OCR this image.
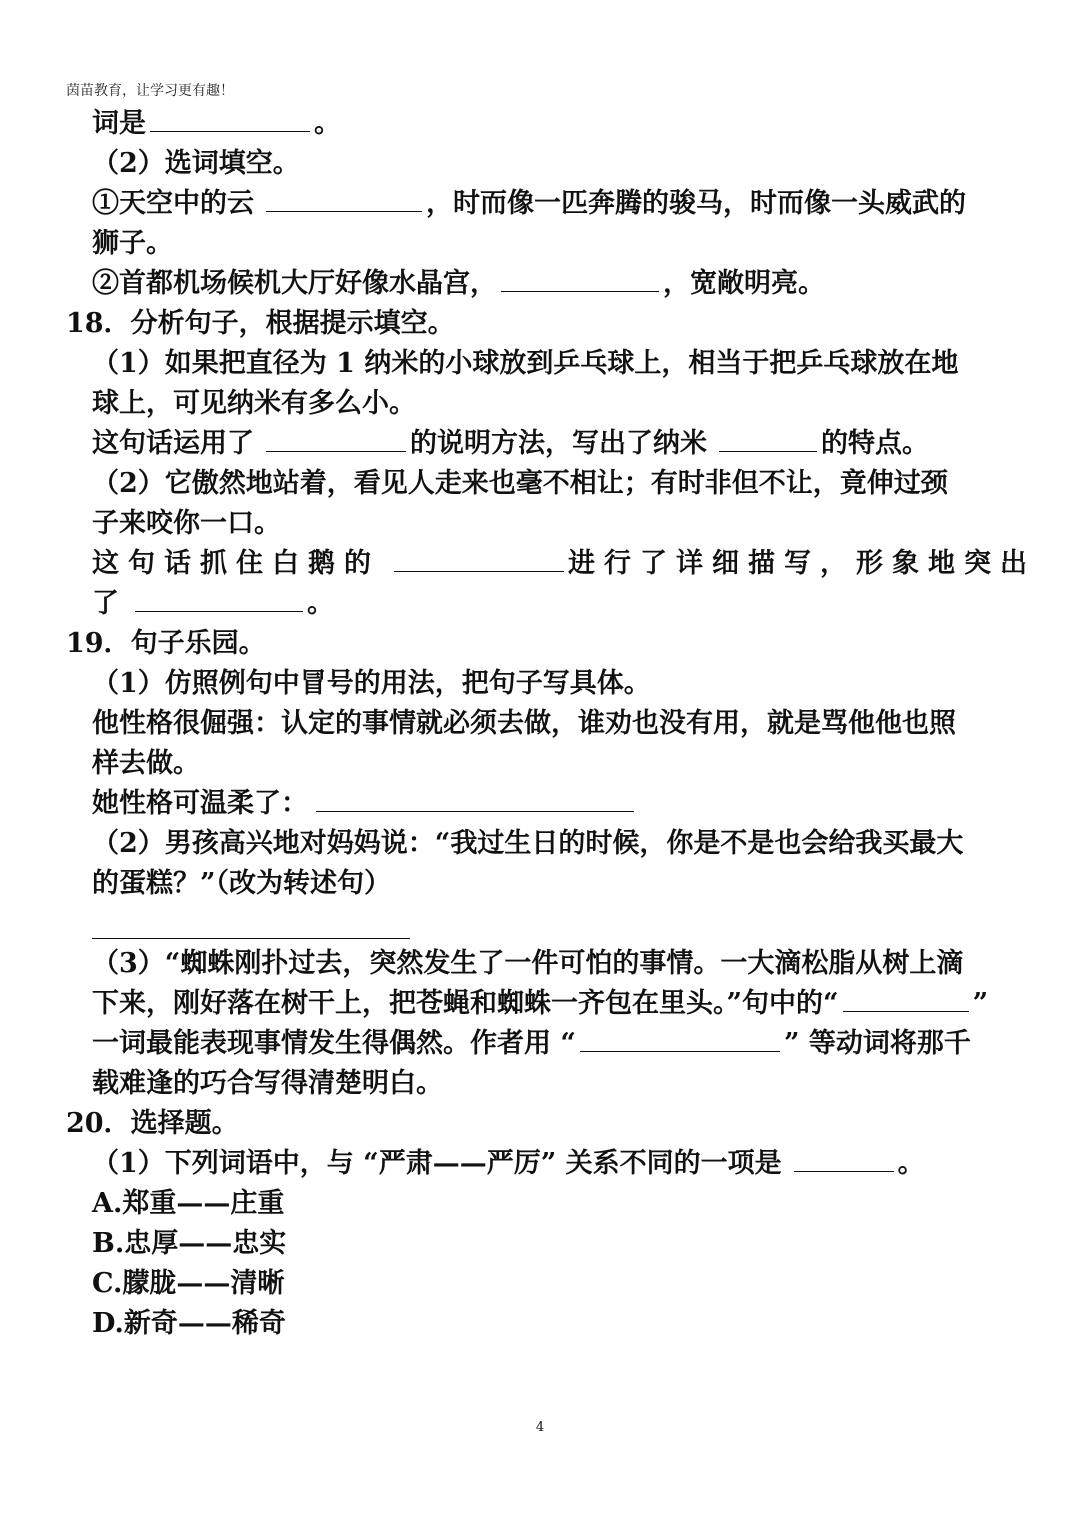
茵苗教育，让学习更有趣！
词是	。
（2）选词填空。
①天空中的云	，时而像一匹奔腾的骏马，时而像一头威武的
狮子。
②首都机场候机大厅好像水晶宫，	，宽敞明亮。
18．分析句子，根据提示填空。
（1）如果把直径为 1 纳米的小球放到乒乓球上，相当于把乒乓球放在地
球上，可见纳米有多么小。
这句话运用了	的说明方法，写出了纳米	的特点。
（2）它傲然地站着，看见人走来也毫不相让；有时非但不让，竟伸过颈
子来咬你一口。
这句话抓住白鹅的	进行了详细描写，形象地突出
了	。
19．句子乐园。
（1）仿照例句中冒号的用法，把句子写具体。
他性格很倔强：认定的事情就必须去做，谁劝也没有用，就是骂他他也照
样去做。
她性格可温柔了：
（2）男孩高兴地对妈妈说：“我过生日的时候，你是不是也会给我买最大
的蛋糕？”（改为转述句）
（3）“蜘蛛刚扑过去，突然发生了一件可怕的事情。一大滴松脂从树上滴
下来，刚好落在树干上，把苍蝇和蜘蛛一齐包在里头。”句中的“	”
一词最能表现事情发生得偶然。作者用 “	” 等动词将那千
载难逢的巧合写得清楚明白。
20．选择题。
（1）下列词语中，与 “严肃——严厉” 关系不同的一项是	。
A.郑重——庄重
B.忠厚——忠实
C.朦胧——清晰
D.新奇——稀奇
4
